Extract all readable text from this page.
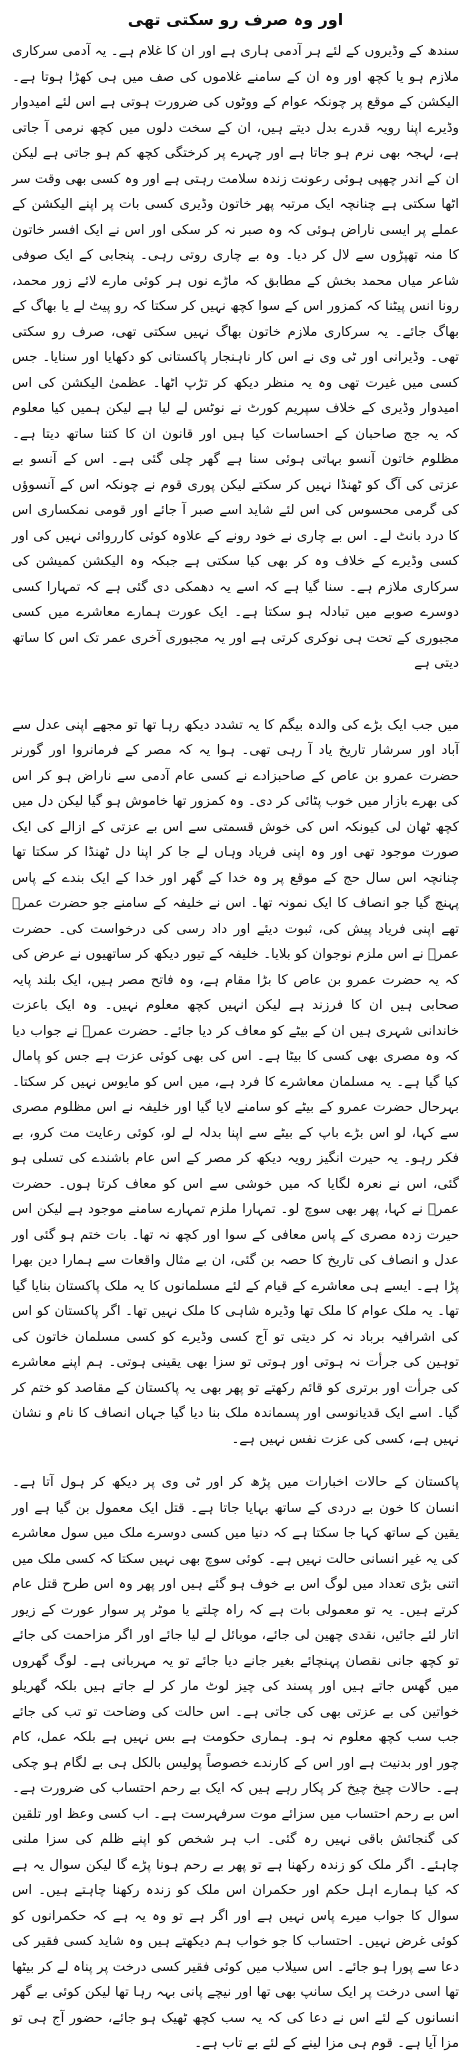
اور وہ صرف رو سکتی تھی

سندھ کے وڈیروں کے لئے ہر آدمی ہاری ہے اور ان کا غلام ہے۔ یہ آدمی سرکاری ملازم ہو یا کچھ اور وہ ان کے سامنے غلاموں کی صف میں ہی کھڑا ہوتا ہے۔ الیکشن کے موقع پر چونکہ عوام کے ووٹوں کی ضرورت ہوتی ہے اس لئے امیدوار وڈیرے اپنا رویہ قدرے بدل دیتے ہیں، ان کے سخت دلوں میں کچھ نرمی آ جاتی ہے، لہجہ بھی نرم ہو جاتا ہے اور چہرے پر کرختگی کچھ کم ہو جاتی ہے لیکن ان کے اندر چھپی ہوئی رعونت زندہ سلامت رہتی ہے اور وہ کسی بھی وقت سر اٹھا سکتی ہے چنانچہ ایک مرتبہ پھر خاتون وڈیری کسی بات پر اپنے الیکشن کے عملے پر ایسی ناراض ہوئی کہ وہ صبر نہ کر سکی اور اس نے ایک افسر خاتون کا منہ تھپڑوں سے لال کر دیا۔ وہ بے چاری روتی رہی۔ پنجابی کے ایک صوفی شاعر میاں محمد بخش کے مطابق کہ ماڑے نوں ہر کوئی مارے لائے زور محمد، رونا انس پیٹنا کہ کمزور اس کے سوا کچھ نہیں کر سکتا کہ رو پیٹ لے یا بھاگ کے بھاگ جائے۔ یہ سرکاری ملازم خاتون بھاگ نہیں سکتی تھی، صرف رو سکتی تھی۔ وڈیرانی اور ٹی وی نے اس کار ناہنجار پاکستانی کو دکھایا اور سنایا۔ جس کسی میں غیرت تھی وہ یہ منظر دیکھ کر تڑپ اٹھا۔ عظمیٰ الیکشن کی اس امیدوار وڈیری کے خلاف سپریم کورٹ نے نوٹس لے لیا ہے لیکن ہمیں کیا معلوم کہ یہ جج صاحبان کے احساسات کیا ہیں اور قانون ان کا کتنا ساتھ دیتا ہے۔ مظلوم خاتون آنسو بہاتی ہوئی سنا ہے گھر چلی گئی ہے۔ اس کے آنسو بے عزتی کی آگ کو ٹھنڈا نہیں کر سکتے لیکن پوری قوم نے چونکہ اس کے آنسوؤں کی گرمی محسوس کی اس لئے شاید اسے صبر آ جائے اور قومی نمکساری اس کا درد بانٹ لے۔ اس بے چاری نے خود رونے کے علاوہ کوئی کارروائی نہیں کی اور کسی وڈیرے کے خلاف وہ کر بھی کیا سکتی ہے جبکہ وہ الیکشن کمیشن کی سرکاری ملازم ہے۔ سنا گیا ہے کہ اسے یہ دھمکی دی گئی ہے کہ تمہارا کسی دوسرے صوبے میں تبادلہ ہو سکتا ہے۔ ایک عورت ہمارے معاشرے میں کسی مجبوری کے تحت ہی نوکری کرتی ہے اور یہ مجبوری آخری عمر تک اس کا ساتھ دیتی ہے

میں جب ایک بڑے کی والدہ بیگم کا یہ تشدد دیکھ رہا تھا تو مجھے اپنی عدل سے آباد اور سرشار تاریخ یاد آ رہی تھی۔ ہوا یہ کہ مصر کے فرمانروا اور گورنر حضرت عمرو بن عاص کے صاحبزادے نے کسی عام آدمی سے ناراض ہو کر اس کی بھرے بازار میں خوب پٹائی کر دی۔ وہ کمزور تھا خاموش ہو گیا لیکن دل میں کچھ ٹھان لی کیونکہ اس کی خوش قسمتی سے اس بے عزتی کے ازالے کی ایک صورت موجود تھی اور وہ اپنی فریاد وہاں لے جا کر اپنا دل ٹھنڈا کر سکتا تھا چنانچہ اس سال حج کے موقع پر وہ خدا کے گھر اور خدا کے ایک بندے کے پاس پہنچ گیا جو انصاف کا ایک نمونہ تھا۔ اس نے خلیفہ کے سامنے جو حضرت عمرؓ تھے اپنی فریاد پیش کی، ثبوت دیئے اور داد رسی کی درخواست کی۔ حضرت عمرؓ نے اس ملزم نوجوان کو بلایا۔ خلیفہ کے تیور دیکھ کر ساتھیوں نے عرض کی کہ یہ حضرت عمرو بن عاص کا بڑا مقام ہے، وہ فاتح مصر ہیں، ایک بلند پایہ صحابی ہیں ان کا فرزند ہے لیکن انہیں کچھ معلوم نہیں۔ وہ ایک باعزت خاندانی شہری ہیں ان کے بیٹے کو معاف کر دیا جائے۔ حضرت عمرؓ نے جواب دیا کہ وہ مصری بھی کسی کا بیٹا ہے۔ اس کی بھی کوئی عزت ہے جس کو پامال کیا گیا ہے۔ یہ مسلمان معاشرے کا فرد ہے، میں اس کو مایوس نہیں کر سکتا۔ بہرحال حضرت عمرو کے بیٹے کو سامنے لایا گیا اور خلیفہ نے اس مظلوم مصری سے کہا، لو اس بڑے باپ کے بیٹے سے اپنا بدلہ لے لو، کوئی رعایت مت کرو، بے فکر رہو۔ یہ حیرت انگیز رویہ دیکھ کر مصر کے اس عام باشندے کی تسلی ہو گئی، اس نے نعرہ لگایا کہ میں خوشی سے اس کو معاف کرتا ہوں۔ حضرت عمرؓ نے کہا، پھر بھی سوچ لو۔ تمہارا ملزم تمہارے سامنے موجود ہے لیکن اس حیرت زدہ مصری کے پاس معافی کے سوا اور کچھ نہ تھا۔ بات ختم ہو گئی اور عدل و انصاف کی تاریخ کا حصہ بن گئی، ان بے مثال واقعات سے ہمارا دین بھرا پڑا ہے۔ ایسے ہی معاشرے کے قیام کے لئے مسلمانوں کا یہ ملک پاکستان بنایا گیا تھا۔ یہ ملک عوام کا ملک تھا وڈیرہ شاہی کا ملک نہیں تھا۔ اگر پاکستان کو اس کی اشرافیہ برباد نہ کر دیتی تو آج کسی وڈیرے کو کسی مسلمان خاتون کی توہین کی جرأت نہ ہوتی اور ہوتی تو سزا بھی یقینی ہوتی۔ ہم اپنے معاشرے کی جرأت اور برتری کو قائم رکھتے تو پھر بھی یہ پاکستان کے مقاصد کو ختم کر گیا۔ اسے ایک قدیانوسی اور پسماندہ ملک بنا دیا گیا جہاں انصاف کا نام و نشان نہیں ہے، کسی کی عزت نفس نہیں ہے۔

پاکستان کے حالات اخبارات میں پڑھ کر اور ٹی وی پر دیکھ کر ہول آتا ہے۔ انسان کا خون بے دردی کے ساتھ بہایا جاتا ہے۔ قتل ایک معمول بن گیا ہے اور یقین کے ساتھ کہا جا سکتا ہے کہ دنیا میں کسی دوسرے ملک میں سول معاشرے کی یہ غیر انسانی حالت نہیں ہے۔ کوئی سوچ بھی نہیں سکتا کہ کسی ملک میں اتنی بڑی تعداد میں لوگ اس بے خوف ہو گئے ہیں اور پھر وہ اس طرح قتل عام کرتے ہیں۔ یہ تو معمولی بات ہے کہ راہ چلتے یا موٹر پر سوار عورت کے زیور اتار لئے جائیں، نقدی چھین لی جائے، موبائل لے لیا جائے اور اگر مزاحمت کی جائے تو کچھ جانی نقصان پہنچائے بغیر جانے دیا جائے تو یہ مہربانی ہے۔ لوگ گھروں میں گھس جاتے ہیں اور پسند کی چیز لوٹ مار کر لے جاتے ہیں بلکہ گھریلو خواتین کی بے عزتی بھی کی جاتی ہے۔ اس حالت کی وضاحت تو تب کی جائے جب سب کچھ معلوم نہ ہو۔ ہماری حکومت ہے بس نہیں ہے بلکہ عمل، کام چور اور بدنیت ہے اور اس کے کارندے خصوصاً پولیس بالکل ہی بے لگام ہو چکی ہے۔ حالات چیخ چیخ کر پکار رہے ہیں کہ ایک بے رحم احتساب کی ضرورت ہے۔ اس بے رحم احتساب میں سزائے موت سرفہرست ہے۔ اب کسی وعظ اور تلقین کی گنجائش باقی نہیں رہ گئی۔ اب ہر شخص کو اپنے ظلم کی سزا ملنی چاہئے۔ اگر ملک کو زندہ رکھنا ہے تو پھر بے رحم ہونا پڑے گا لیکن سوال یہ ہے کہ کیا ہمارے اہل حکم اور حکمران اس ملک کو زندہ رکھنا چاہتے ہیں۔ اس سوال کا جواب میرے پاس نہیں ہے اور اگر ہے تو وہ یہ ہے کہ حکمرانوں کو کوئی غرض نہیں۔ احتساب کا جو خواب ہم دیکھتے ہیں وہ شاید کسی فقیر کی دعا سے پورا ہو جائے۔ اس سیلاب میں کوئی فقیر کسی درخت پر پناہ لے کر بیٹھا تھا اسی درخت پر ایک سانپ بھی تھا اور نیچے پانی بہہ رہا تھا لیکن کوئی بے گھر انسانوں کے لئے اس نے دعا کی کہ یہ سب کچھ ٹھیک ہو جائے، حضور آج ہی تو مزا آیا ہے۔ قوم ہی مزا لینے کے لئے بے تاب ہے۔
